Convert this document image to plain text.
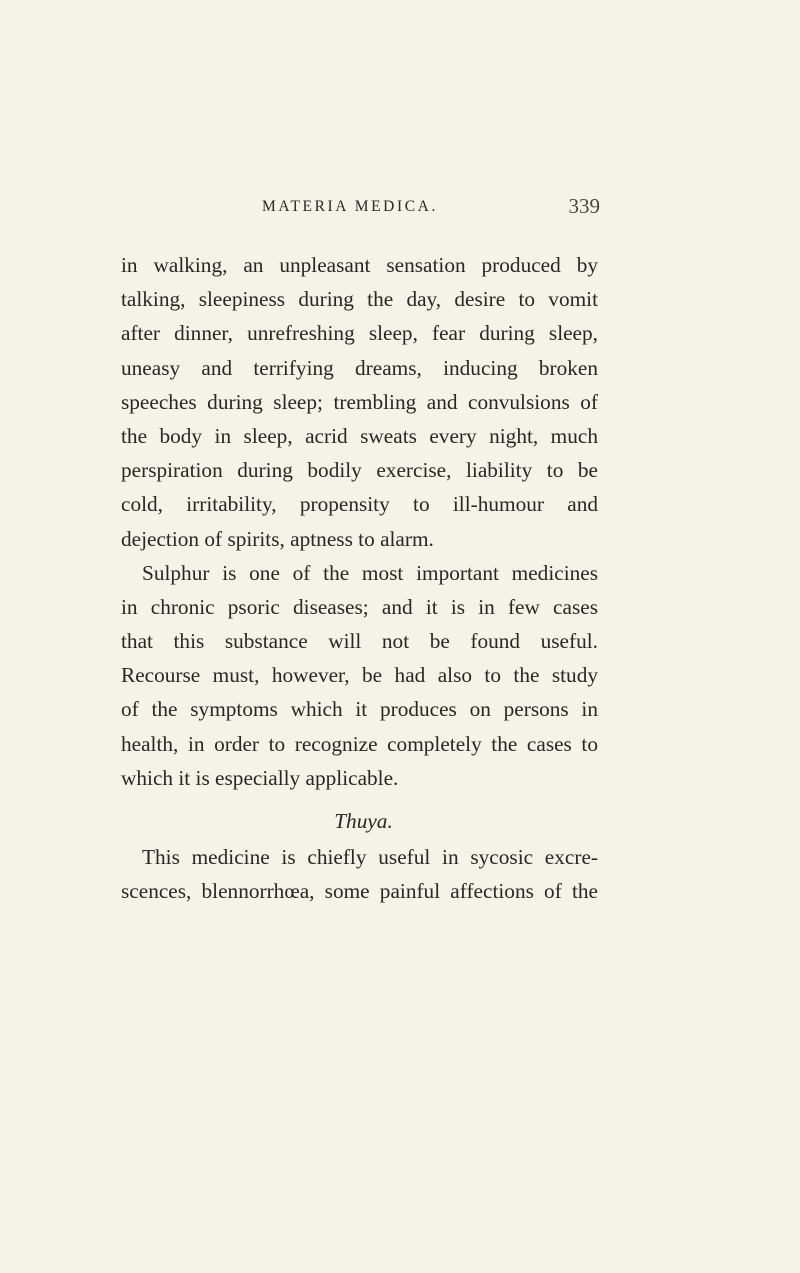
MATERIA MEDICA.	339
in walking, an unpleasant sensation produced by
talking, sleepiness during the day, desire to vomit
after dinner, unrefreshing sleep, fear during sleep,
uneasy and terrifying dreams, inducing broken
speeches during sleep; trembling and convulsions of
the body in sleep, acrid sweats every night, much
perspiration during bodily exercise, liability to be
cold, irritability, propensity to ill-humour and
dejection of spirits, aptness to alarm.
Sulphur is one of the most important medicines
in chronic psoric diseases; and it is in few cases
that this substance will not be found useful.
Recourse must, however, be had also to the study
of the symptoms which it produces on persons in
health, in order to recognize completely the cases to
which it is especially applicable.
Thuya.
This medicine is chiefly useful in sycosic excre-
scences, blennorrhœa, some painful affections of the
